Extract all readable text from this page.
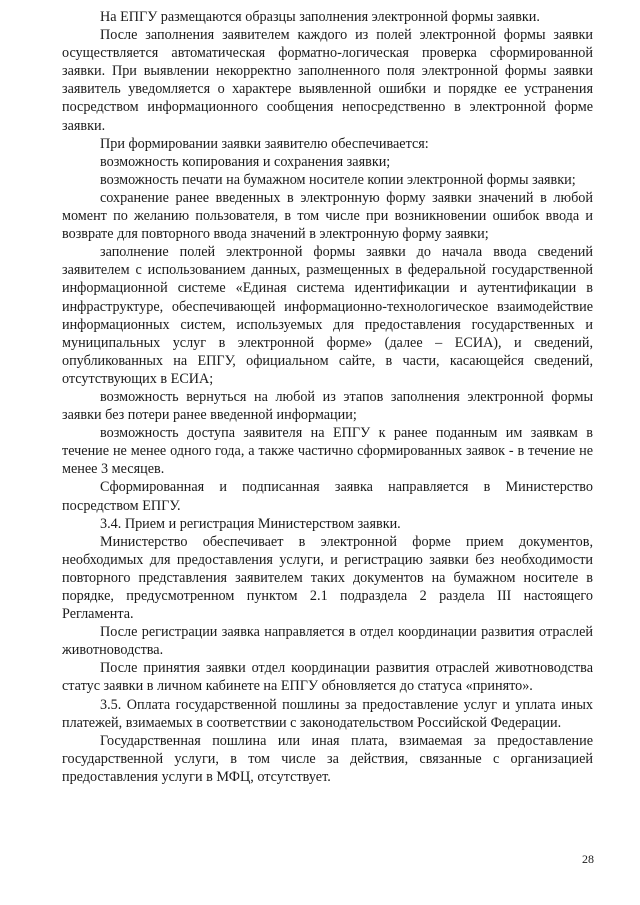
На ЕПГУ размещаются образцы заполнения электронной формы заявки.

После заполнения заявителем каждого из полей электронной формы заявки осуществляется автоматическая форматно-логическая проверка сформированной заявки. При выявлении некорректно заполненного поля электронной формы заявки заявитель уведомляется о характере выявленной ошибки и порядке ее устранения посредством информационного сообщения непосредственно в электронной форме заявки.

При формировании заявки заявителю обеспечивается:

возможность копирования и сохранения заявки;

возможность печати на бумажном носителе копии электронной формы заявки;

сохранение ранее введенных в электронную форму заявки значений в любой момент по желанию пользователя, в том числе при возникновении ошибок ввода и возврате для повторного ввода значений в электронную форму заявки;

заполнение полей электронной формы заявки до начала ввода сведений заявителем с использованием данных, размещенных в федеральной государственной информационной системе «Единая система идентификации и аутентификации в инфраструктуре, обеспечивающей информационно-технологическое взаимодействие информационных систем, используемых для предоставления государственных и муниципальных услуг в электронной форме» (далее – ЕСИА), и сведений, опубликованных на ЕПГУ, официальном сайте, в части, касающейся сведений, отсутствующих в ЕСИА;

возможность вернуться на любой из этапов заполнения электронной формы заявки без потери ранее введенной информации;

возможность доступа заявителя на ЕПГУ к ранее поданным им заявкам в течение не менее одного года, а также частично сформированных заявок - в течение не менее 3 месяцев.

Сформированная и подписанная заявка направляется в Министерство посредством ЕПГУ.

3.4. Прием и регистрация Министерством заявки.

Министерство обеспечивает в электронной форме прием документов, необходимых для предоставления услуги, и регистрацию заявки без необходимости повторного представления заявителем таких документов на бумажном носителе в порядке, предусмотренном пунктом 2.1 подраздела 2 раздела III настоящего Регламента.

После регистрации заявка направляется в отдел координации развития отраслей животноводства.

После принятия заявки отдел координации развития отраслей животноводства статус заявки в личном кабинете на ЕПГУ обновляется до статуса «принято».

3.5. Оплата государственной пошлины за предоставление услуг и уплата иных платежей, взимаемых в соответствии с законодательством Российской Федерации.

Государственная пошлина или иная плата, взимаемая за предоставление государственной услуги, в том числе за действия, связанные с организацией предоставления услуги в МФЦ, отсутствует.

28
